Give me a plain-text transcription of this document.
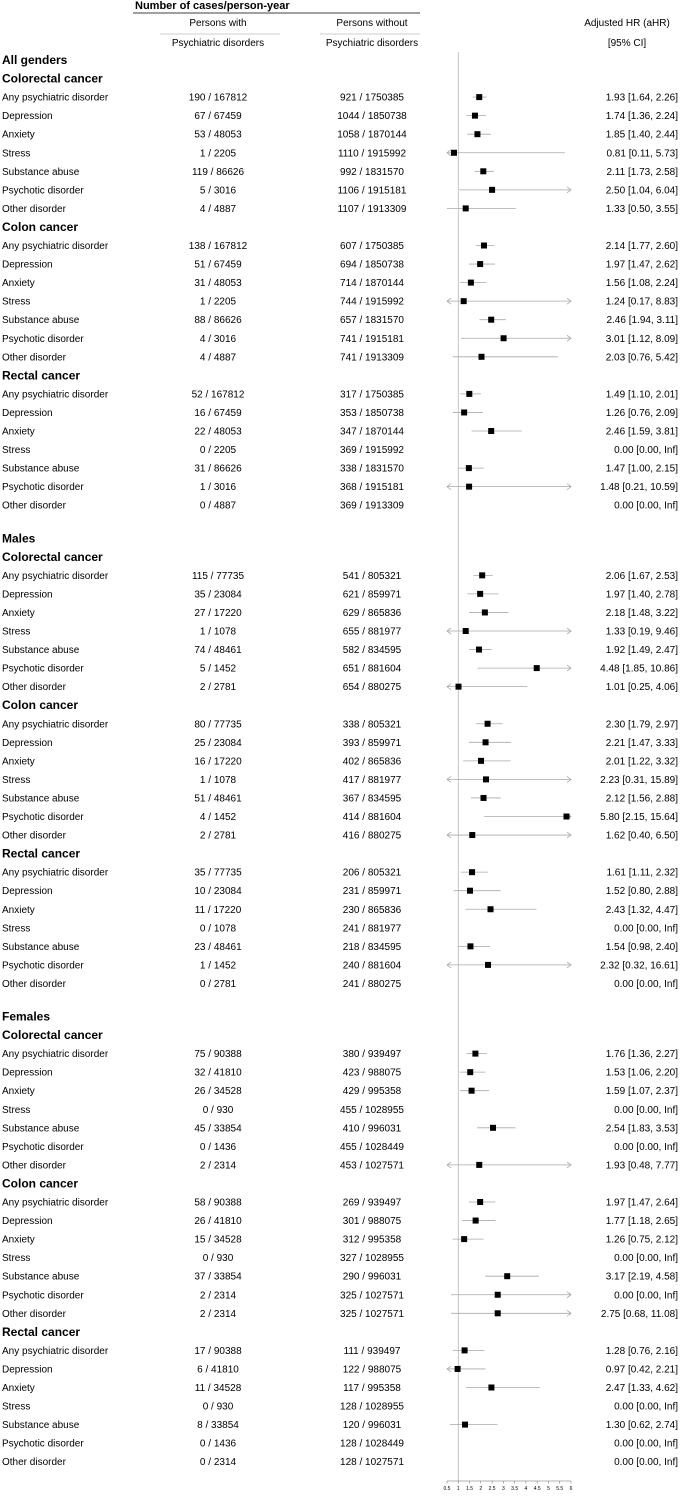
Number of cases/person-year
Persons with
Psychiatric disorders
Persons without
Psychiatric disorders
Adjusted HR (aHR)
[95% CI]
All genders
Colorectal cancer
Any psychiatric disorder	190 / 167812	921 / 1750385	1.93 [1.64, 2.26]
Depression	67 / 67459	1044 / 1850738	1.74 [1.36, 2.24]
Anxiety	53 / 48053	1058 / 1870144	1.85 [1.40, 2.44]
Stress	1 / 2205	1110 / 1915992	0.81 [0.11, 5.73]
Substance abuse	119 / 86626	992 / 1831570	2.11 [1.73, 2.58]
Psychotic disorder	5 / 3016	1106 / 1915181	2.50 [1.04, 6.04]
Other disorder	4 / 4887	1107 / 1913309	1.33 [0.50, 3.55]
Colon cancer
Any psychiatric disorder	138 / 167812	607 / 1750385	2.14 [1.77, 2.60]
Depression	51 / 67459	694 / 1850738	1.97 [1.47, 2.62]
Anxiety	31 / 48053	714 / 1870144	1.56 [1.08, 2.24]
Stress	1 / 2205	744 / 1915992	1.24 [0.17, 8.83]
Substance abuse	88 / 86626	657 / 1831570	2.46 [1.94, 3.11]
Psychotic disorder	4 / 3016	741 / 1915181	3.01 [1.12, 8.09]
Other disorder	4 / 4887	741 / 1913309	2.03 [0.76, 5.42]
Rectal cancer
Any psychiatric disorder	52 / 167812	317 / 1750385	1.49 [1.10, 2.01]
Depression	16 / 67459	353 / 1850738	1.26 [0.76, 2.09]
Anxiety	22 / 48053	347 / 1870144	2.46 [1.59, 3.81]
Stress	0 / 2205	369 / 1915992	0.00 [0.00, Inf]
Substance abuse	31 / 86626	338 / 1831570	1.47 [1.00, 2.15]
Psychotic disorder	1 / 3016	368 / 1915181	1.48 [0.21, 10.59]
Other disorder	0 / 4887	369 / 1913309	0.00 [0.00, Inf]
Males
Colorectal cancer
Any psychiatric disorder	115 / 77735	541 / 805321	2.06 [1.67, 2.53]
Depression	35 / 23084	621 / 859971	1.97 [1.40, 2.78]
Anxiety	27 / 17220	629 / 865836	2.18 [1.48, 3.22]
Stress	1 / 1078	655 / 881977	1.33 [0.19, 9.46]
Substance abuse	74 / 48461	582 / 834595	1.92 [1.49, 2.47]
Psychotic disorder	5 / 1452	651 / 881604	4.48 [1.85, 10.86]
Other disorder	2 / 2781	654 / 880275	1.01 [0.25, 4.06]
Colon cancer
Any psychiatric disorder	80 / 77735	338 / 805321	2.30 [1.79, 2.97]
Depression	25 / 23084	393 / 859971	2.21 [1.47, 3.33]
Anxiety	16 / 17220	402 / 865836	2.01 [1.22, 3.32]
Stress	1 / 1078	417 / 881977	2.23 [0.31, 15.89]
Substance abuse	51 / 48461	367 / 834595	2.12 [1.56, 2.88]
Psychotic disorder	4 / 1452	414 / 881604	5.80 [2.15, 15.64]
Other disorder	2 / 2781	416 / 880275	1.62 [0.40, 6.50]
Rectal cancer
Any psychiatric disorder	35 / 77735	206 / 805321	1.61 [1.11, 2.32]
Depression	10 / 23084	231 / 859971	1.52 [0.80, 2.88]
Anxiety	11 / 17220	230 / 865836	2.43 [1.32, 4.47]
Stress	0 / 1078	241 / 881977	0.00 [0.00, Inf]
Substance abuse	23 / 48461	218 / 834595	1.54 [0.98, 2.40]
Psychotic disorder	1 / 1452	240 / 881604	2.32 [0.32, 16.61]
Other disorder	0 / 2781	241 / 880275	0.00 [0.00, Inf]
Females
Colorectal cancer
Any psychiatric disorder	75 / 90388	380 / 939497	1.76 [1.36, 2.27]
Depression	32 / 41810	423 / 988075	1.53 [1.06, 2.20]
Anxiety	26 / 34528	429 / 995358	1.59 [1.07, 2.37]
Stress	0 / 930	455 / 1028955	0.00 [0.00, Inf]
Substance abuse	45 / 33854	410 / 996031	2.54 [1.83, 3.53]
Psychotic disorder	0 / 1436	455 / 1028449	0.00 [0.00, Inf]
Other disorder	2 / 2314	453 / 1027571	1.93 [0.48, 7.77]
Colon cancer
Any psychiatric disorder	58 / 90388	269 / 939497	1.97 [1.47, 2.64]
Depression	26 / 41810	301 / 988075	1.77 [1.18, 2.65]
Anxiety	15 / 34528	312 / 995358	1.26 [0.75, 2.12]
Stress	0 / 930	327 / 1028955	0.00 [0.00, Inf]
Substance abuse	37 / 33854	290 / 996031	3.17 [2.19, 4.58]
Psychotic disorder	2 / 2314	325 / 1027571	0.00 [0.00, Inf]
Other disorder	2 / 2314	325 / 1027571	2.75 [0.68, 11.08]
Rectal cancer
Any psychiatric disorder	17 / 90388	111 / 939497	1.28 [0.76, 2.16]
Depression	6 / 41810	122 / 988075	0.97 [0.42, 2.21]
Anxiety	11 / 34528	117 / 995358	2.47 [1.33, 4.62]
Stress	0 / 930	128 / 1028955	0.00 [0.00, Inf]
Substance abuse	8 / 33854	120 / 996031	1.30 [0.62, 2.74]
Psychotic disorder	0 / 1436	128 / 1028449	0.00 [0.00, Inf]
Other disorder	0 / 2314	128 / 1027571	0.00 [0.00, Inf]
0.5 1 1.5 2 2.5 3 3.5 4 4.5 5 5.5 6
